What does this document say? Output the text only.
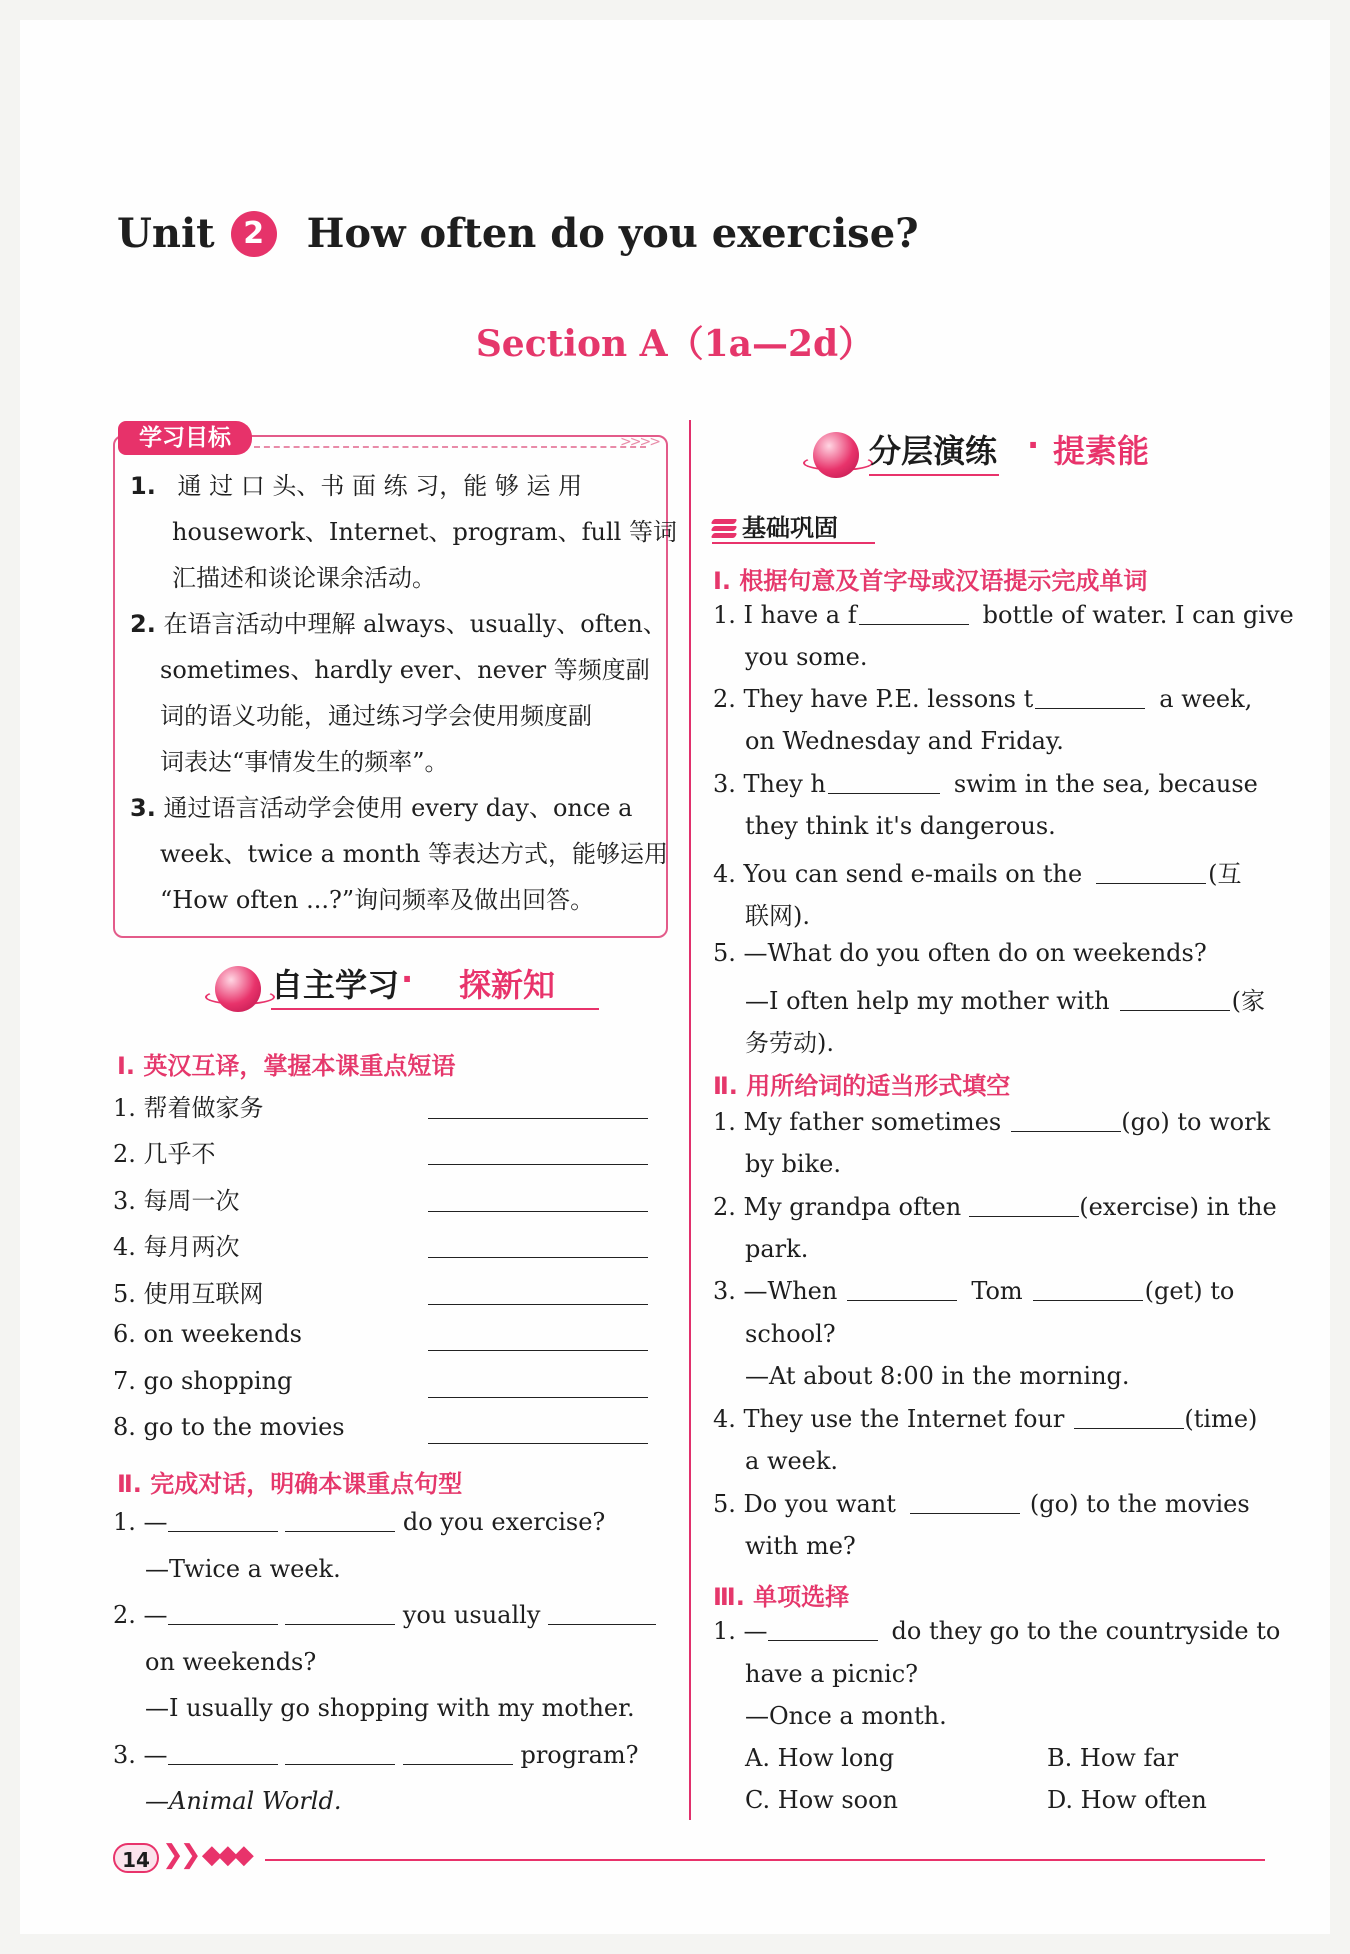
Unit 2 How often do you exercise?
Section A（1a—2d）
学习目标	>>>>
1. 通 过 口 头、书 面 练 习，能 够 运 用
housework、Internet、program、full 等词
汇描述和谈论课余活动。
2. 在语言活动中理解 always、usually、often、
sometimes、hardly ever、never 等频度副
词的语义功能，通过练习学会使用频度副
词表达“事情发生的频率”。
3. 通过语言活动学会使用 every day、once a
week、twice a month 等表达方式，能够运用
“How often ...?”询问频率及做出回答。
自主学习 · 探新知
Ⅰ. 英汉互译，掌握本课重点短语
1. 帮着做家务
2. 几乎不
3. 每周一次
4. 每月两次
5. 使用互联网
6. on weekends
7. go shopping
8. go to the movies
Ⅱ. 完成对话，明确本课重点句型
1. —	do you exercise?
—Twice a week.
2. —	you usually
on weekends?
—I usually go shopping with my mother.
3. —	program?
—Animal World.
分层演练 · 提素能
基础巩固
Ⅰ. 根据句意及首字母或汉语提示完成单词
1. I have a f	bottle of water. I can give
you some.
2. They have P.E. lessons t	a week,
on Wednesday and Friday.
3. They h	swim in the sea, because
they think it's dangerous.
4. You can send e-mails on the	(互
联网).
5. —What do you often do on weekends?
—I often help my mother with	(家
务劳动).
Ⅱ. 用所给词的适当形式填空
1. My father sometimes	(go) to work
by bike.
2. My grandpa often	(exercise) in the
park.
3. —When	Tom	(get) to
school?
—At about 8:00 in the morning.
4. They use the Internet four	(time)
a week.
5. Do you want	(go) to the movies
with me?
Ⅲ. 单项选择
1. —	do they go to the countryside to
have a picnic?
—Once a month.
A. How long	B. How far
C. How soon	D. How often
14 ❯❯ ◆◆◆
